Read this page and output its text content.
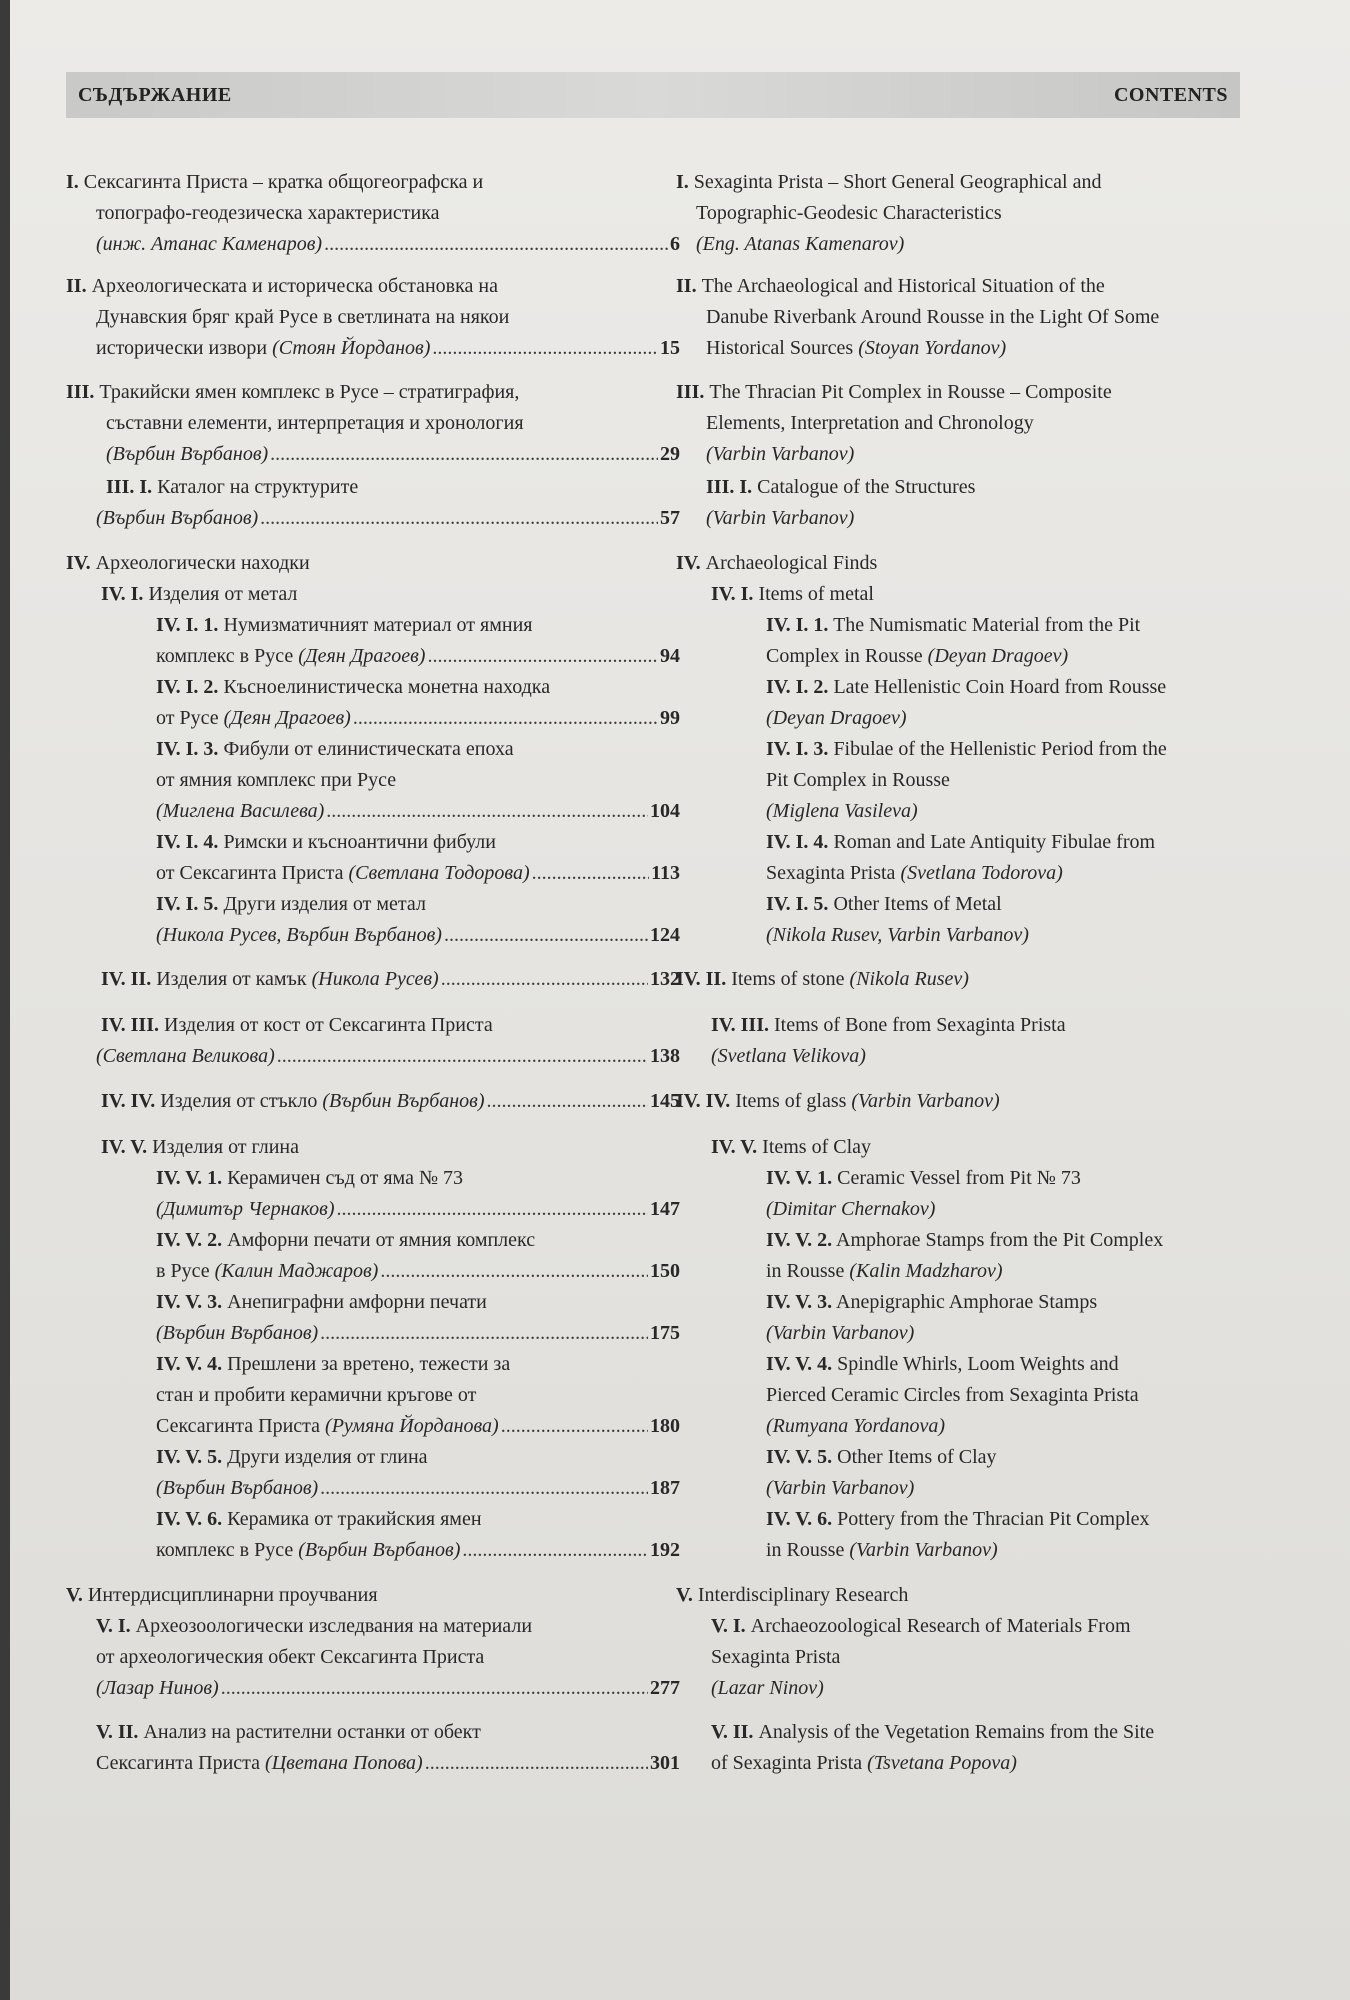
СЪДЪРЖАНИЕ	CONTENTS
I. Сексагинта Приста – кратка общогеографска и
топографо-геодезическа характеристика
(инж. Атанас Каменаров) .....	6
I. Sexaginta Prista – Short General Geographical and
Topographic-Geodesic Characteristics
(Eng. Atanas Kamenarov)
II. Археологическата и историческа обстановка на
Дунавския бряг край Русе в светлината на някои
исторически извори (Стоян Йорданов) .....	15
II. The Archaeological and Historical Situation of the
Danube Riverbank Around Rousse in the Light Of Some
Historical Sources (Stoyan Yordanov)
III. Тракийски ямен комплекс в Русе – стратиграфия,
съставни елементи, интерпретация и хронология
(Върбин Върбанов) .....	29
III. The Thracian Pit Complex in Rousse – Composite
Elements, Interpretation and Chronology
(Varbin Varbanov)
III. I. Каталог на структурите
(Върбин Върбанов) .....	57
III. I. Catalogue of the Structures
(Varbin Varbanov)
IV. Археологически находки
IV. I. Изделия от метал
IV. Archaeological Finds
IV. I. Items of metal
IV. I. 1. Нумизматичният материал от ямния
комплекс в Русе (Деян Драгоев) .....	94
IV. I. 1. The Numismatic Material from the Pit
Complex in Rousse (Deyan Dragoev)
IV. I. 2. Късноелинистическа монетна находка
от Русе (Деян Драгоев) .....	99
IV. I. 2. Late Hellenistic Coin Hoard from Rousse
(Deyan Dragoev)
IV. I. 3. Фибули от елинистическата епоха
от ямния комплекс при Русе
(Миглена Василева) .....	104
IV. I. 3. Fibulae of the Hellenistic Period from the
Pit Complex in Rousse
(Miglena Vasileva)
IV. I. 4. Римски и късноантични фибули
от Сексагинта Приста (Светлана Тодорова) .....	113
IV. I. 4. Roman and Late Antiquity Fibulae from
Sexaginta Prista (Svetlana Todorova)
IV. I. 5. Други изделия от метал
(Никола Русев, Върбин Върбанов) .....	124
IV. I. 5. Other Items of Metal
(Nikola Rusev, Varbin Varbanov)
IV. II. Изделия от камък (Никола Русев) .....	132
IV. II. Items of stone (Nikola Rusev)
IV. III. Изделия от кост от Сексагинта Приста
(Светлана Великова) .....	138
IV. III. Items of Bone from Sexaginta Prista
(Svetlana Velikova)
IV. IV. Изделия от стъкло (Върбин Върбанов) .....	145
IV. IV. Items of glass (Varbin Varbanov)
IV. V. Изделия от глина	IV. V. Items of Clay
IV. V. 1. Керамичен съд от яма № 73
(Димитър Чернаков) .....	147
IV. V. 1. Ceramic Vessel from Pit № 73
(Dimitar Chernakov)
IV. V. 2. Амфорни печати от ямния комплекс
в Русе (Калин Маджаров) .....	150
IV. V. 2. Amphorae Stamps from the Pit Complex
in Rousse (Kalin Madzharov)
IV. V. 3. Анепиграфни амфорни печати
(Върбин Върбанов) .....	175
IV. V. 3. Anepigraphic Amphorae Stamps
(Varbin Varbanov)
IV. V. 4. Прешлени за вретено, тежести за
стан и пробити керамични кръгове от
Сексагинта Приста (Румяна Йорданова) .....	180
IV. V. 4. Spindle Whirls, Loom Weights and
Pierced Ceramic Circles from Sexaginta Prista
(Rumyana Yordanova)
IV. V. 5. Други изделия от глина
(Върбин Върбанов) .....	187
IV. V. 5. Other Items of Clay
(Varbin Varbanov)
IV. V. 6. Керамика от тракийския ямен
комплекс в Русе (Върбин Върбанов) .....	192
IV. V. 6. Pottery from the Thracian Pit Complex
in Rousse (Varbin Varbanov)
V. Интердисциплинарни проучвания
V. I. Археозоологически изследвания на материали
от археологическия обект Сексагинта Приста
(Лазар Нинов) .....	277
V. Interdisciplinary Research
V. I. Archaeozoological Research of Materials From
Sexaginta Prista
(Lazar Ninov)
V. II. Анализ на растителни останки от обект
Сексагинта Приста (Цветана Попова) .....	301
V. II. Analysis of the Vegetation Remains from the Site
of Sexaginta Prista (Tsvetana Popova)
